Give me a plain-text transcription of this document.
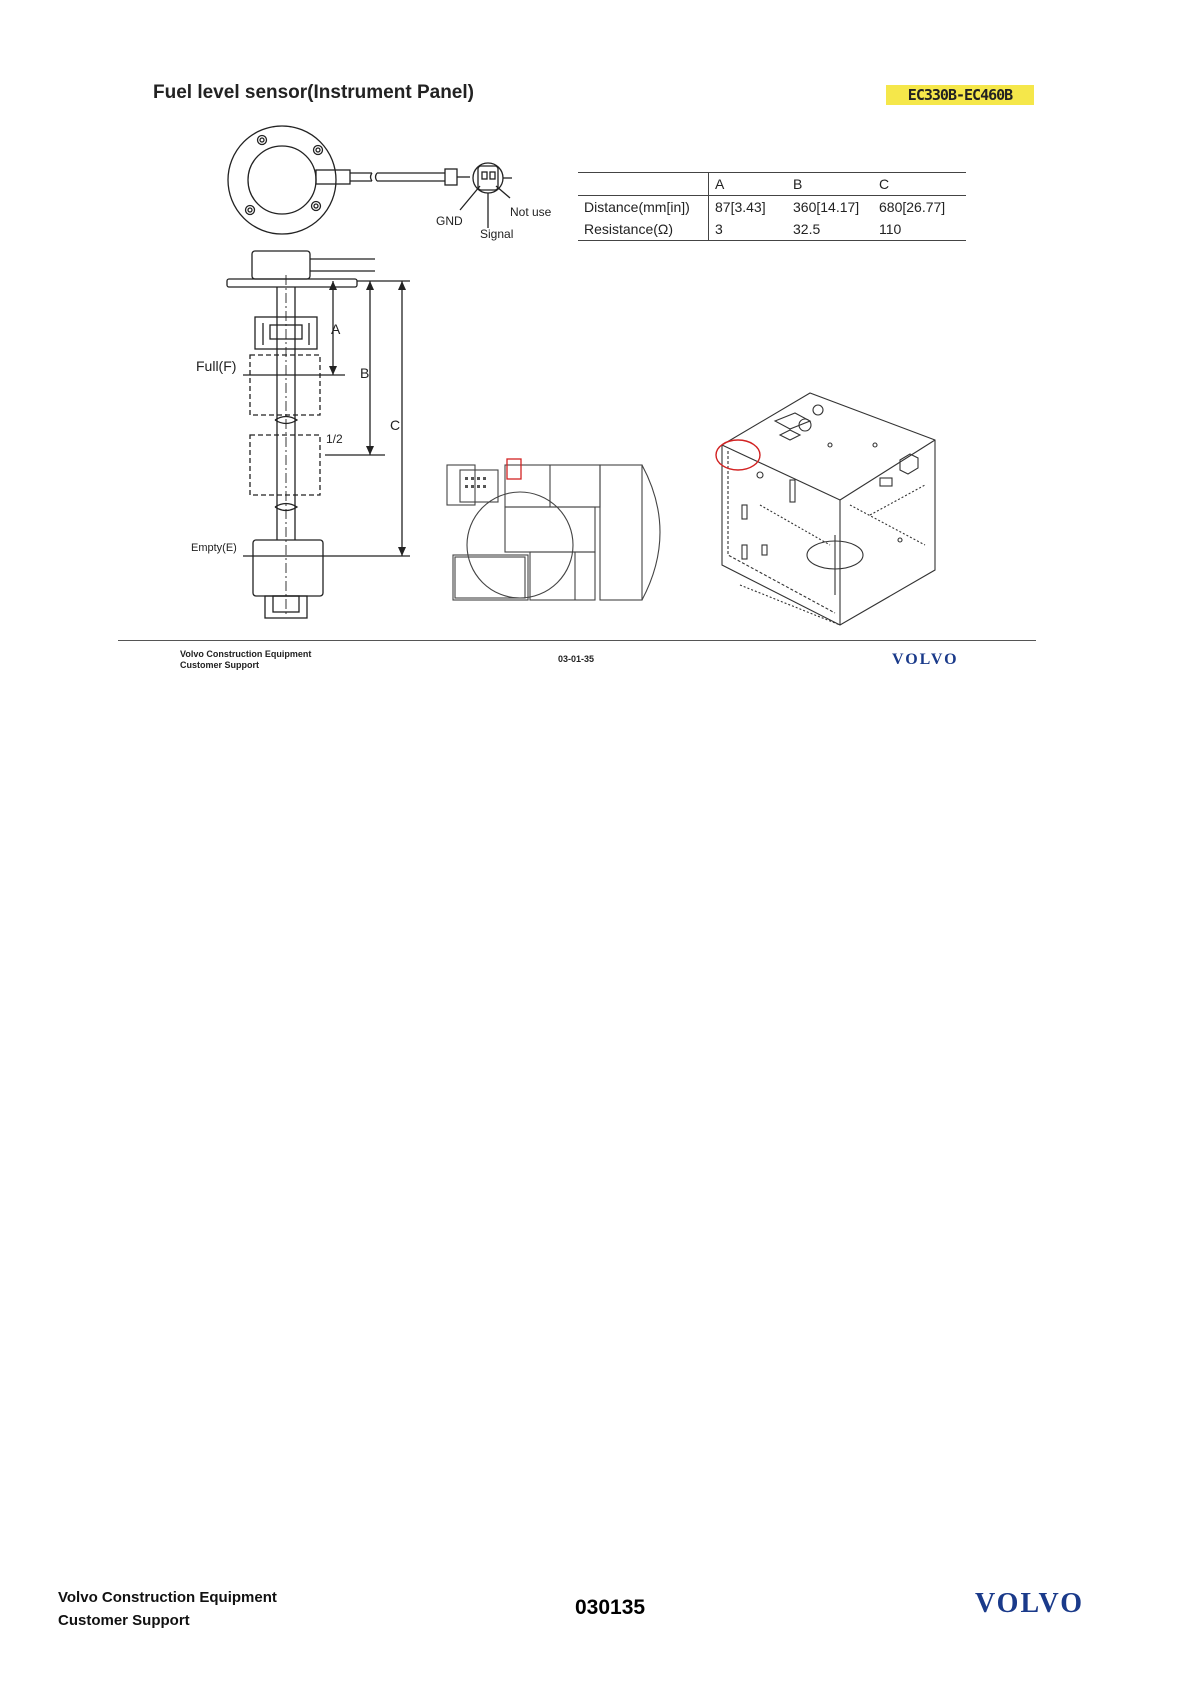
Fuel level sensor(Instrument Panel)	EC330B-EC460B
GND
Signal
Not use
	A	B	C
Distance(mm[in])	87[3.43]	360[14.17]	680[26.77]
Resistance(Ω)	3	32.5	110
Full(F)
Empty(E)
1/2
A
B
C
Volvo Construction Equipment
Customer Support
03-01-35	VOLVO
Volvo Construction Equipment
Customer Support
030135	VOLVO
